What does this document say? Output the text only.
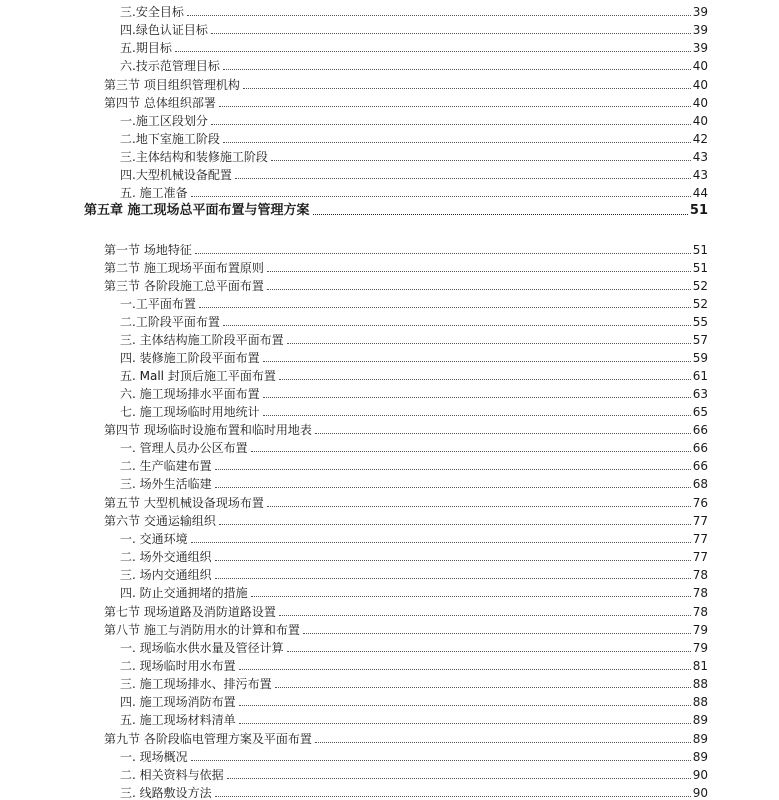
三.安全目标	39
四.绿色认证目标	39
五.期目标	39
六.技示范管理目标	40
第三节 项目组织管理机构	40
第四节 总体组织部署	40
一.施工区段划分	40
二.地下室施工阶段	42
三.主体结构和装修施工阶段	43
四.大型机械设备配置	43
五. 施工准备	44
第五章 施工现场总平面布置与管理方案	51
第一节 场地特征	51
第二节 施工现场平面布置原则	51
第三节 各阶段施工总平面布置	52
一.工平面布置	52
二.工阶段平面布置	55
三. 主体结构施工阶段平面布置	57
四. 装修施工阶段平面布置	59
五. Mall 封顶后施工平面布置	61
六. 施工现场排水平面布置	63
七. 施工现场临时用地统计	65
第四节 现场临时设施布置和临时用地表	66
一. 管理人员办公区布置	66
二. 生产临建布置	66
三. 场外生活临建	68
第五节 大型机械设备现场布置	76
第六节 交通运输组织	77
一. 交通环境	77
二. 场外交通组织	77
三. 场内交通组织	78
四. 防止交通拥堵的措施	78
第七节 现场道路及消防道路设置	78
第八节 施工与消防用水的计算和布置	79
一. 现场临水供水量及管径计算	79
二. 现场临时用水布置	81
三. 施工现场排水、排污布置	88
四. 施工现场消防布置	88
五. 施工现场材料清单	89
第九节 各阶段临电管理方案及平面布置	89
一. 现场概况	89
二. 相关资料与依据	90
三. 线路敷设方法	90
